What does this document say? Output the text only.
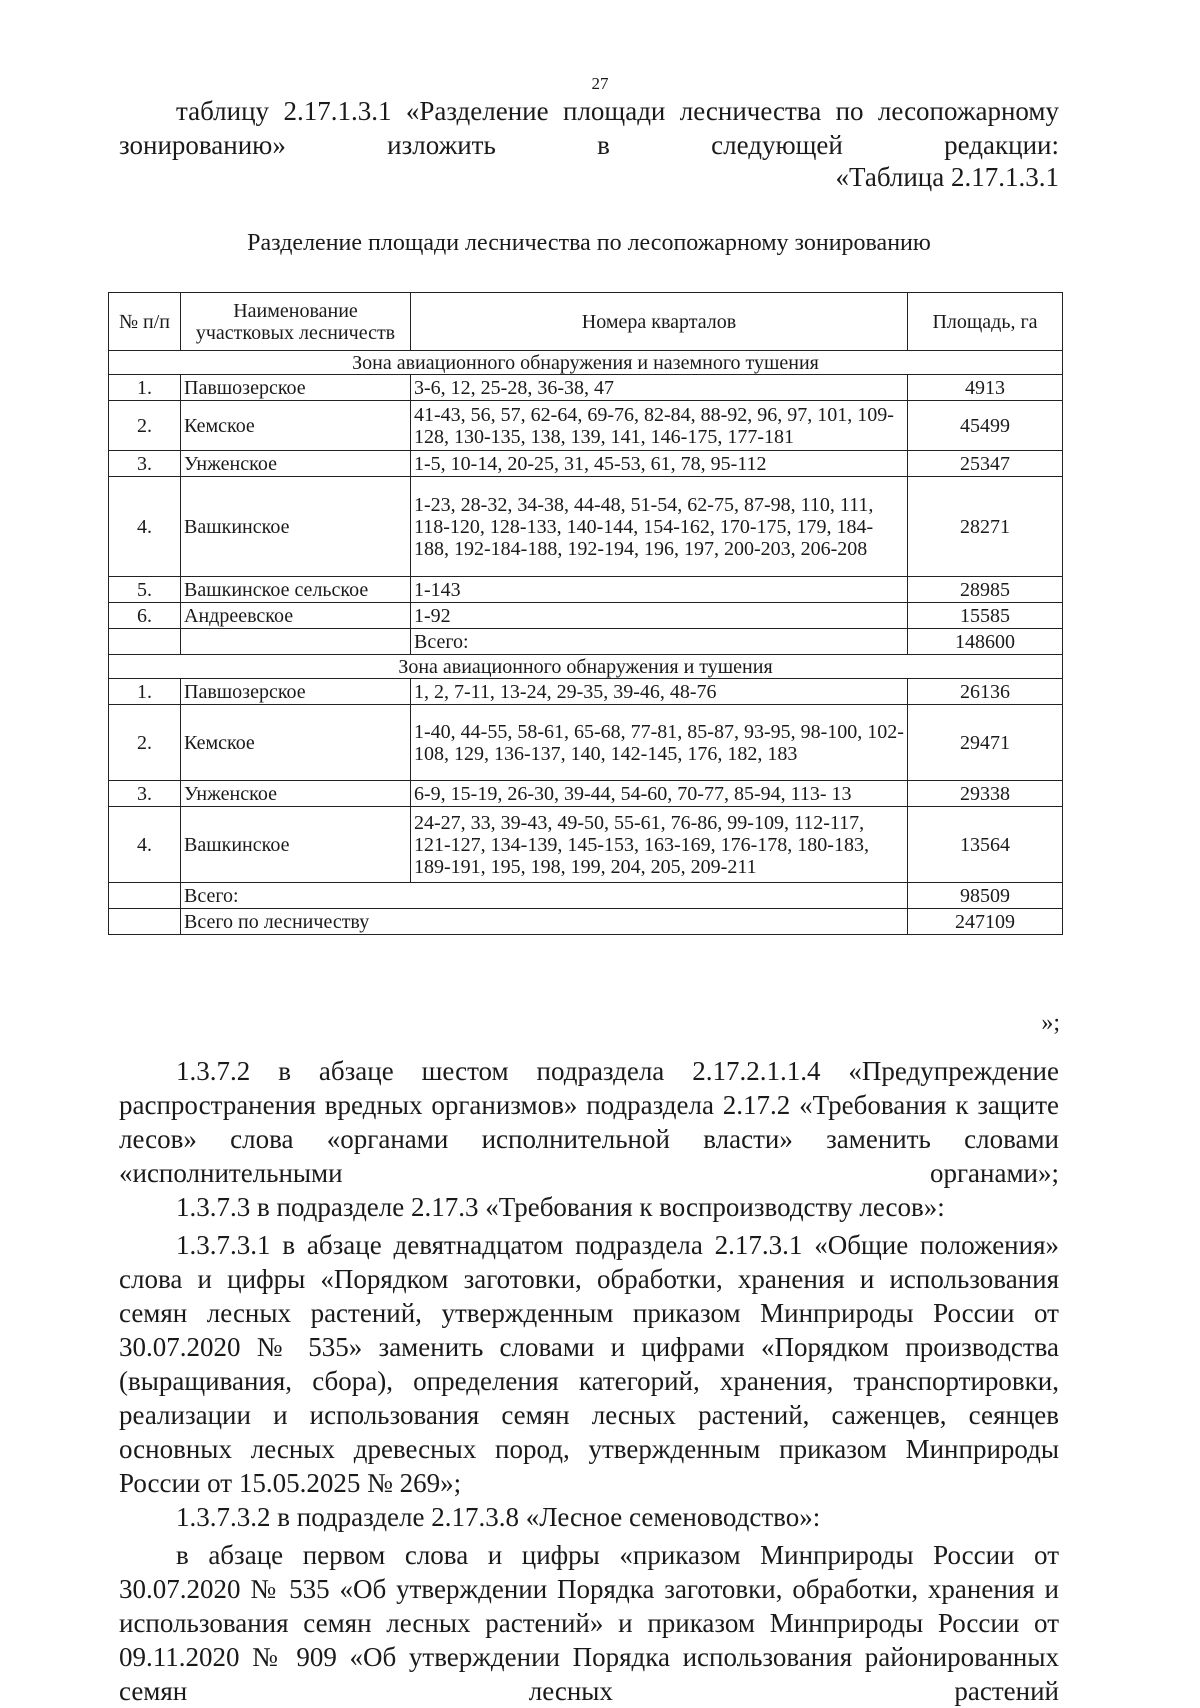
27

таблицу 2.17.1.3.1 «Разделение площади лесничества по лесопожарному зонированию» изложить в следующей редакции:

«Таблица 2.17.1.3.1

Разделение площади лесничества по лесопожарному зонированию
№ п/п	Наименование участковых лесничеств	Номера кварталов	Площадь, га
Зона авиационного обнаружения и наземного тушения			
1.	Павшозерское	3-6, 12, 25-28, 36-38, 47	4913
2.	Кемское	41-43, 56, 57, 62-64, 69-76, 82-84, 88-92, 96, 97, 101, 109-128, 130-135, 138, 139, 141, 146-175, 177-181	45499
3.	Унженское	1-5, 10-14, 20-25, 31, 45-53, 61, 78, 95-112	25347
4.	Вашкинское	1-23, 28-32, 34-38, 44-48, 51-54, 62-75, 87-98, 110, 111, 118-120, 128-133, 140-144, 154-162, 170-175, 179, 184-188, 192-184-188, 192-194, 196, 197, 200-203, 206-208	28271
5.	Вашкинское сельское	1-143	28985
6.	Андреевское	1-92	15585
		Всего:	148600
Зона авиационного обнаружения и тушения			
1.	Павшозерское	1, 2, 7-11, 13-24, 29-35, 39-46, 48-76	26136
2.	Кемское	1-40, 44-55, 58-61, 65-68, 77-81, 85-87, 93-95, 98-100, 102-108, 129, 136-137, 140, 142-145, 176, 182, 183	29471
3.	Унженское	6-9, 15-19, 26-30, 39-44, 54-60, 70-77, 85-94, 113- 13	29338
4.	Вашкинское	24-27, 33, 39-43, 49-50, 55-61, 76-86, 99-109, 112-117, 121-127, 134-139, 145-153, 163-169, 176-178, 180-183, 189-191, 195, 198, 199, 204, 205, 209-211	13564
	Всего:		98509
	Всего по лесничеству		247109
»;

1.3.7.2 в абзаце шестом подраздела 2.17.2.1.1.4 «Предупреждение распространения вредных организмов» подраздела 2.17.2 «Требования к защите лесов» слова «органами исполнительной власти» заменить словами «исполнительными органами»;

1.3.7.3 в подразделе 2.17.3 «Требования к воспроизводству лесов»:

1.3.7.3.1 в абзаце девятнадцатом подраздела 2.17.3.1 «Общие положения» слова и цифры «Порядком заготовки, обработки, хранения и использования семян лесных растений, утвержденным приказом Минприроды России от 30.07.2020 № 535» заменить словами и цифрами «Порядком производства (выращивания, сбора), определения категорий, хранения, транспортировки, реализации и использования семян лесных растений, саженцев, сеянцев основных лесных древесных пород, утвержденным приказом Минприроды России от 15.05.2025 № 269»;

1.3.7.3.2 в подразделе 2.17.3.8 «Лесное семеноводство»:

в абзаце первом слова и цифры «приказом Минприроды России от 30.07.2020 № 535 «Об утверждении Порядка заготовки, обработки, хранения и использования семян лесных растений» и приказом Минприроды России от 09.11.2020 № 909 «Об утверждении Порядка использования районированных семян лесных растений
